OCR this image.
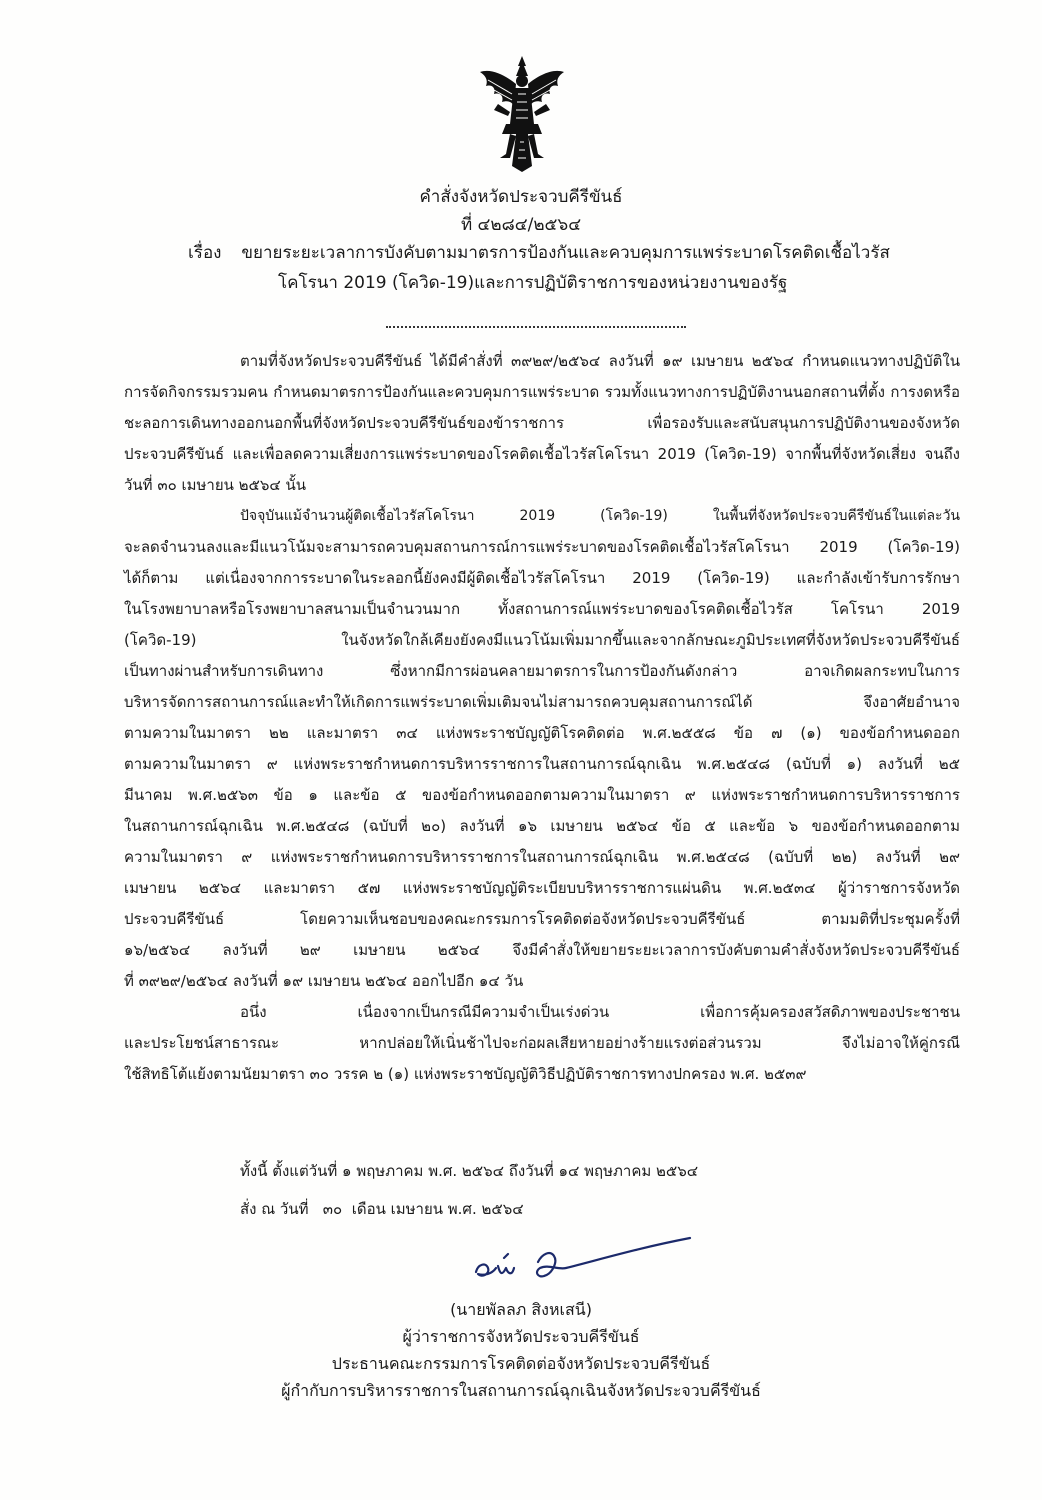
คำสั่งจังหวัดประจวบคีรีขันธ์
ที่ ๔๒๘๔/๒๕๖๔
เรื่อง ขยายระยะเวลาการบังคับตามมาตรการป้องกันและควบคุมการแพร่ระบาดโรคติดเชื้อไวรัส
โคโรนา 2019 (โควิด-19)และการปฏิบัติราชการของหน่วยงานของรัฐ

ตามที่จังหวัดประจวบคีรีขันธ์ ได้มีคำสั่งที่ ๓๙๒๙/๒๕๖๔ ลงวันที่ ๑๙ เมษายน ๒๕๖๔ กำหนดแนวทางปฏิบัติในการจัดกิจกรรมรวมคน กำหนดมาตรการป้องกันและควบคุมการแพร่ระบาด รวมทั้งแนวทางการปฏิบัติงานนอกสถานที่ตั้ง การงดหรือชะลอการเดินทางออกนอกพื้นที่จังหวัดประจวบคีรีขันธ์ของข้าราชการ เพื่อรองรับและสนับสนุนการปฏิบัติงานของจังหวัดประจวบคีรีขันธ์ และเพื่อลดความเสี่ยงการแพร่ระบาดของโรคติดเชื้อไวรัสโคโรนา 2019 (โควิด-19) จากพื้นที่จังหวัดเสี่ยง จนถึงวันที่ ๓๐ เมษายน ๒๕๖๔ นั้น

ปัจจุบันแม้จำนวนผู้ติดเชื้อไวรัสโคโรนา 2019 (โควิด-19) ในพื้นที่จังหวัดประจวบคีรีขันธ์ในแต่ละวัน
จะลดจำนวนลงและมีแนวโน้มจะสามารถควบคุมสถานการณ์การแพร่ระบาดของโรคติดเชื้อไวรัสโคโรนา 2019 (โควิด-19)
ได้ก็ตาม แต่เนื่องจากการระบาดในระลอกนี้ยังคงมีผู้ติดเชื้อไวรัสโคโรนา 2019 (โควิด-19) และกำลังเข้ารับการรักษา
ในโรงพยาบาลหรือโรงพยาบาลสนามเป็นจำนวนมาก ทั้งสถานการณ์แพร่ระบาดของโรคติดเชื้อไวรัส โคโรนา 2019
(โควิด-19) ในจังหวัดใกล้เคียงยังคงมีแนวโน้มเพิ่มมากขึ้นและจากลักษณะภูมิประเทศที่จังหวัดประจวบคีรีขันธ์
เป็นทางผ่านสำหรับการเดินทาง ซึ่งหากมีการผ่อนคลายมาตรการในการป้องกันดังกล่าว อาจเกิดผลกระทบในการ
บริหารจัดการสถานการณ์และทำให้เกิดการแพร่ระบาดเพิ่มเติมจนไม่สามารถควบคุมสถานการณ์ได้ จึงอาศัยอำนาจ
ตามความในมาตรา ๒๒ และมาตรา ๓๔ แห่งพระราชบัญญัติโรคติดต่อ พ.ศ.๒๕๕๘ ข้อ ๗ (๑) ของข้อกำหนดออก
ตามความในมาตรา ๙ แห่งพระราชกำหนดการบริหารราชการในสถานการณ์ฉุกเฉิน พ.ศ.๒๕๔๘ (ฉบับที่ ๑) ลงวันที่ ๒๕
มีนาคม พ.ศ.๒๕๖๓ ข้อ ๑ และข้อ ๕ ของข้อกำหนดออกตามความในมาตรา ๙ แห่งพระราชกำหนดการบริหารราชการ
ในสถานการณ์ฉุกเฉิน พ.ศ.๒๕๔๘ (ฉบับที่ ๒๐) ลงวันที่ ๑๖ เมษายน ๒๕๖๔ ข้อ ๕ และข้อ ๖ ของข้อกำหนดออกตาม
ความในมาตรา ๙ แห่งพระราชกำหนดการบริหารราชการในสถานการณ์ฉุกเฉิน พ.ศ.๒๕๔๘ (ฉบับที่ ๒๒) ลงวันที่ ๒๙
เมษายน ๒๕๖๔ และมาตรา ๕๗ แห่งพระราชบัญญัติระเบียบบริหารราชการแผ่นดิน พ.ศ.๒๕๓๔ ผู้ว่าราชการจังหวัด
ประจวบคีรีขันธ์ โดยความเห็นชอบของคณะกรรมการโรคติดต่อจังหวัดประจวบคีรีขันธ์ ตามมติที่ประชุมครั้งที่
๑๖/๒๕๖๔ ลงวันที่ ๒๙ เมษายน ๒๕๖๔ จึงมีคำสั่งให้ขยายระยะเวลาการบังคับตามคำสั่งจังหวัดประจวบคีรีขันธ์
ที่ ๓๙๒๙/๒๕๖๔ ลงวันที่ ๑๙ เมษายน ๒๕๖๔ ออกไปอีก ๑๔ วัน
อนึ่ง เนื่องจากเป็นกรณีมีความจำเป็นเร่งด่วน เพื่อการคุ้มครองสวัสดิภาพของประชาชน
และประโยชน์สาธารณะ หากปล่อยให้เนิ่นช้าไปจะก่อผลเสียหายอย่างร้ายแรงต่อส่วนรวม จึงไม่อาจให้คู่กรณี
ใช้สิทธิโต้แย้งตามนัยมาตรา ๓๐ วรรค ๒ (๑) แห่งพระราชบัญญัติวิธีปฏิบัติราชการทางปกครอง พ.ศ. ๒๕๓๙
ทั้งนี้ ตั้งแต่วันที่ ๑ พฤษภาคม พ.ศ. ๒๕๖๔ ถึงวันที่ ๑๔ พฤษภาคม ๒๕๖๔
สั่ง ณ วันที่   ๓๐  เดือน เมษายน พ.ศ. ๒๕๖๔
(นายพัลลภ สิงหเสนี)
ผู้ว่าราชการจังหวัดประจวบคีรีขันธ์
ประธานคณะกรรมการโรคติดต่อจังหวัดประจวบคีรีขันธ์
ผู้กำกับการบริหารราชการในสถานการณ์ฉุกเฉินจังหวัดประจวบคีรีขันธ์
